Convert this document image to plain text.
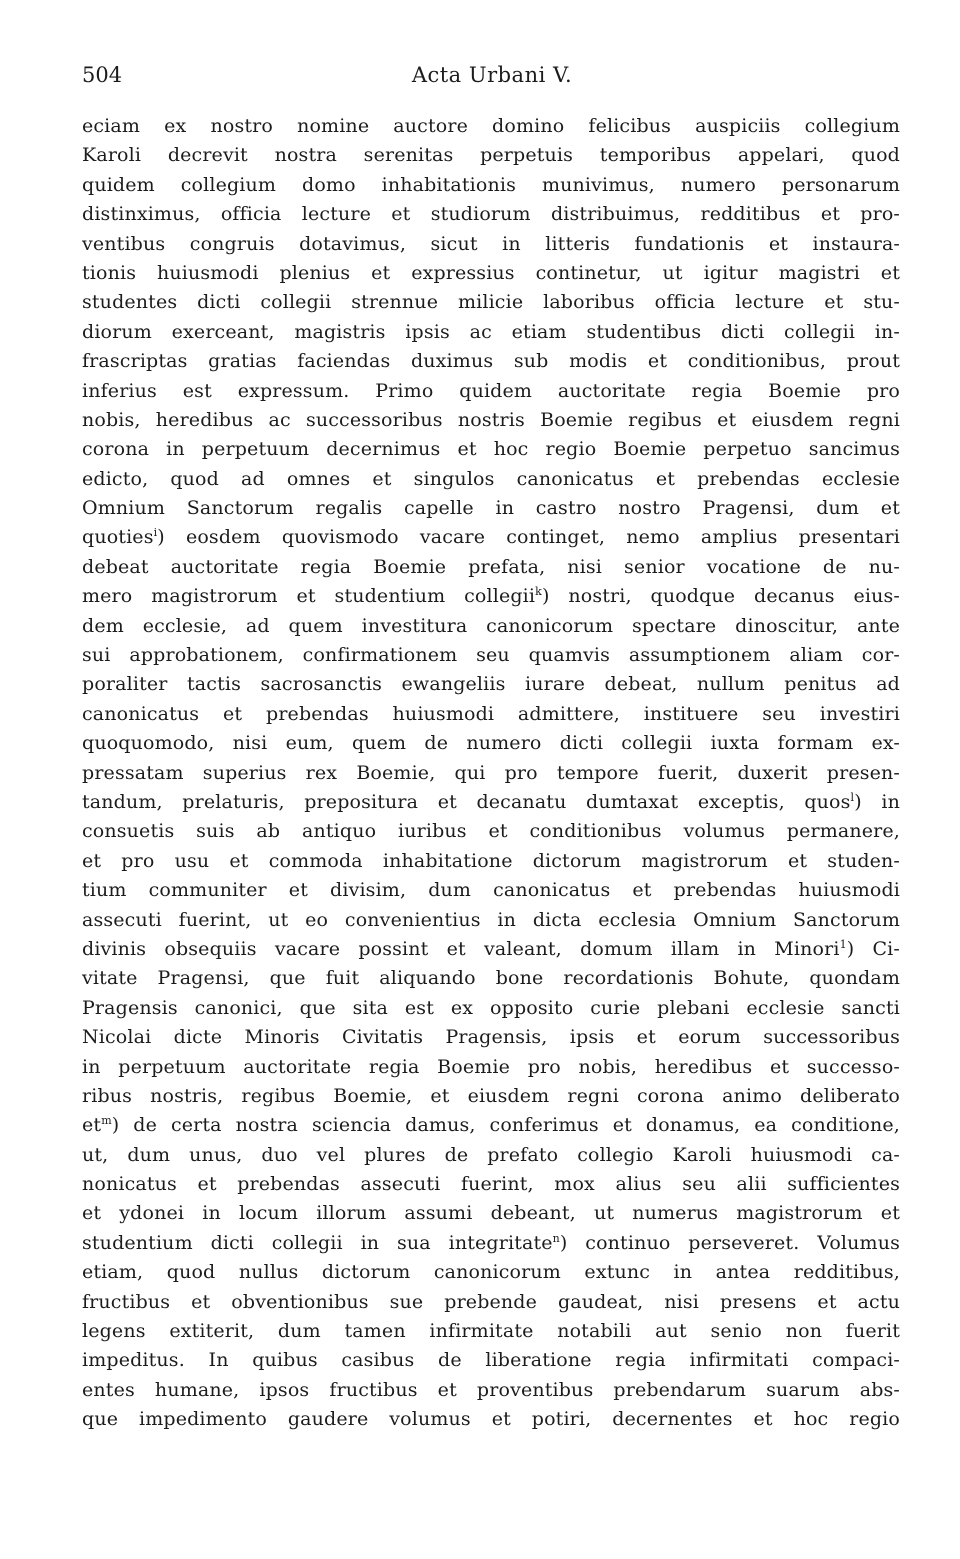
504	Acta Urbani V.
eciam ex nostro nomine auctore domino felicibus auspiciis collegium
Karoli decrevit nostra serenitas perpetuis temporibus appelari, quod
quidem collegium domo inhabitationis munivimus, numero personarum
distinximus, officia lecture et studiorum distribuimus, redditibus et pro-
ventibus congruis dotavimus, sicut in litteris fundationis et instaura-
tionis huiusmodi plenius et expressius continetur, ut igitur magistri et
studentes dicti collegii strennue milicie laboribus officia lecture et stu-
diorum exerceant, magistris ipsis ac etiam studentibus dicti collegii in-
frascriptas gratias faciendas duximus sub modis et conditionibus, prout
inferius est expressum. Primo quidem auctoritate regia Boemie pro
nobis, heredibus ac successoribus nostris Boemie regibus et eiusdem regni
corona in perpetuum decernimus et hoc regio Boemie perpetuo sancimus
edicto, quod ad omnes et singulos canonicatus et prebendas ecclesie
Omnium Sanctorum regalis capelle in castro nostro Pragensi, dum et
quoties$^i$) eosdem quovismodo vacare continget, nemo amplius presentari
debeat auctoritate regia Boemie prefata, nisi senior vocatione de nu-
mero magistrorum et studentium collegii$^k$) nostri, quodque decanus eius-
dem ecclesie, ad quem investitura canonicorum spectare dinoscitur, ante
sui approbationem, confirmationem seu quamvis assumptionem aliam cor-
poraliter tactis sacrosanctis ewangeliis iurare debeat, nullum penitus ad
canonicatus et prebendas huiusmodi admittere, instituere seu investiri
quoquomodo, nisi eum, quem de numero dicti collegii iuxta formam ex-
pressatam superius rex Boemie, qui pro tempore fuerit, duxerit presen-
tandum, prelaturis, prepositura et decanatu dumtaxat exceptis, quos$^l$) in
consuetis suis ab antiquo iuribus et conditionibus volumus permanere,
et pro usu et commoda inhabitatione dictorum magistrorum et studen-
tium communiter et divisim, dum canonicatus et prebendas huiusmodi
assecuti fuerint, ut eo convenientius in dicta ecclesia Omnium Sanctorum
divinis obsequiis vacare possint et valeant, domum illam in Minori$^1$) Ci-
vitate Pragensi, que fuit aliquando bone recordationis Bohute, quondam
Pragensis canonici, que sita est ex opposito curie plebani ecclesie sancti
Nicolai dicte Minoris Civitatis Pragensis, ipsis et eorum successoribus
in perpetuum auctoritate regia Boemie pro nobis, heredibus et successo-
ribus nostris, regibus Boemie, et eiusdem regni corona animo deliberato
$et^m$) de certa nostra sciencia damus, conferimus et donamus, ea conditione,
ut, dum unus, duo vel plures de prefato collegio Karoli huiusmodi ca-
nonicatus et prebendas assecuti fuerint, mox alius seu alii sufficientes
et ydonei in locum illorum assumi debeant, ut numerus magistrorum et
studentium dicti collegii in sua integritate$^n$) continuo perseveret. Volumus
etiam, quod nullus dictorum canonicorum extunc in antea redditibus,
fructibus et obventionibus sue prebende gaudeat, nisi presens et actu
legens extiterit, dum tamen infirmitate notabili aut senio non fuerit
impeditus. In quibus casibus de liberatione regia infirmitati compaci-
entes humane, ipsos fructibus et proventibus prebendarum suarum abs-
que impedimento gaudere volumus et potiri, decernentes et hoc regio
